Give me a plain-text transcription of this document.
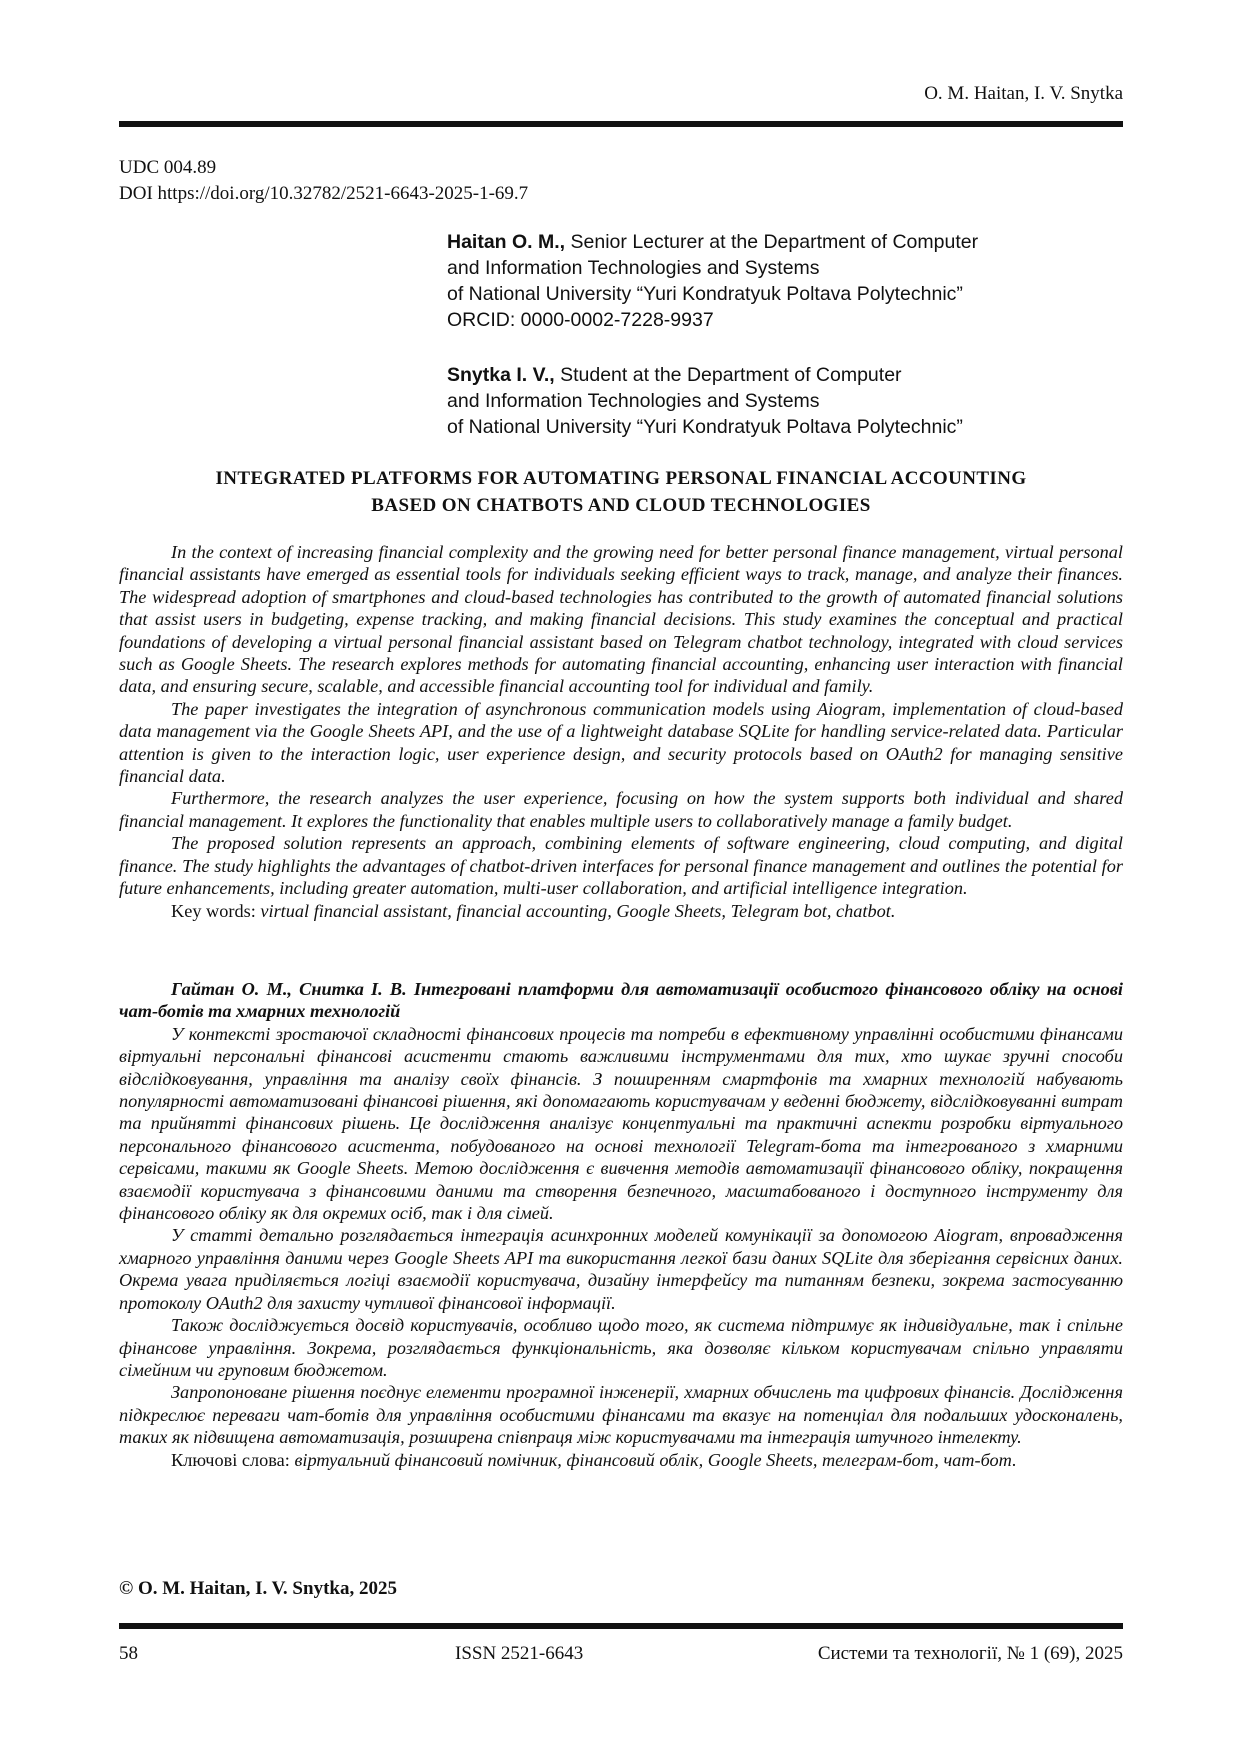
O. M. Haitan, I. V. Snytka
UDC 004.89
DOI https://doi.org/10.32782/2521-6643-2025-1-69.7
Haitan O. M., Senior Lecturer at the Department of Computer
and Information Technologies and Systems
of National University “Yuri Kondratyuk Poltava Polytechnic”
ORCID: 0000-0002-7228-9937
Snytka I. V., Student at the Department of Computer
and Information Technologies and Systems
of National University “Yuri Kondratyuk Poltava Polytechnic”
INTEGRATED PLATFORMS FOR AUTOMATING PERSONAL FINANCIAL ACCOUNTING
BASED ON CHATBOTS AND CLOUD TECHNOLOGIES

In the context of increasing financial complexity and the growing need for better personal finance management, virtual personal financial assistants have emerged as essential tools for individuals seeking efficient ways to track, manage, and analyze their finances. The widespread adoption of smartphones and cloud-based technologies has contributed to the growth of automated financial solutions that assist users in budgeting, expense tracking, and making financial decisions. This study examines the conceptual and practical foundations of developing a virtual personal financial assistant based on Telegram chatbot technology, integrated with cloud services such as Google Sheets. The research explores methods for automating financial accounting, enhancing user interaction with financial data, and ensuring secure, scalable, and accessible financial accounting tool for individual and family.

The paper investigates the integration of asynchronous communication models using Aiogram, implementation of cloud-based data management via the Google Sheets API, and the use of a lightweight database SQLite for handling service-related data. Particular attention is given to the interaction logic, user experience design, and security protocols based on OAuth2 for managing sensitive financial data.

Furthermore, the research analyzes the user experience, focusing on how the system supports both individual and shared financial management. It explores the functionality that enables multiple users to collaboratively manage a family budget.

The proposed solution represents an approach, combining elements of software engineering, cloud computing, and digital finance. The study highlights the advantages of chatbot-driven interfaces for personal finance management and outlines the potential for future enhancements, including greater automation, multi-user collaboration, and artificial intelligence integration.

Key words: virtual financial assistant, financial accounting, Google Sheets, Telegram bot, chatbot.

Гайтан О. М., Снитка І. В. Інтегровані платформи для автоматизації особистого фінансового обліку на основі чат-ботів та хмарних технологій

У контексті зростаючої складності фінансових процесів та потреби в ефективному управлінні особистими фінансами віртуальні персональні фінансові асистенти стають важливими інструментами для тих, хто шукає зручні способи відслідковування, управління та аналізу своїх фінансів. З поширенням смартфонів та хмарних технологій набувають популярності автоматизовані фінансові рішення, які допомагають користувачам у веденні бюджету, відслідковуванні витрат та прийнятті фінансових рішень. Це дослідження аналізує концептуальні та практичні аспекти розробки віртуального персонального фінансового асистента, побудованого на основі технології Telegram-бота та інтегрованого з хмарними сервісами, такими як Google Sheets. Метою дослідження є вивчення методів автоматизації фінансового обліку, покращення взаємодії користувача з фінансовими даними та створення безпечного, масштабованого і доступного інструменту для фінансового обліку як для окремих осіб, так і для сімей.

У статті детально розглядається інтеграція асинхронних моделей комунікації за допомогою Aiogram, впровадження хмарного управління даними через Google Sheets API та використання легкої бази даних SQLite для зберігання сервісних даних. Окрема увага приділяється логіці взаємодії користувача, дизайну інтерфейсу та питанням безпеки, зокрема застосуванню протоколу OAuth2 для захисту чутливої фінансової інформації.

Також досліджується досвід користувачів, особливо щодо того, як система підтримує як індивідуальне, так і спільне фінансове управління. Зокрема, розглядається функціональність, яка дозволяє кільком користувачам спільно управляти сімейним чи груповим бюджетом.

Запропоноване рішення поєднує елементи програмної інженерії, хмарних обчислень та цифрових фінансів. Дослідження підкреслює переваги чат-ботів для управління особистими фінансами та вказує на потенціал для подальших удосконалень, таких як підвищена автоматизація, розширена співпраця між користувачами та інтеграція штучного інтелекту.

Ключові слова: віртуальний фінансовий помічник, фінансовий облік, Google Sheets, телеграм-бот, чат-бот.

© O. M. Haitan, I. V. Snytka, 2025
58	ISSN 2521-6643	Системи та технології, № 1 (69), 2025
